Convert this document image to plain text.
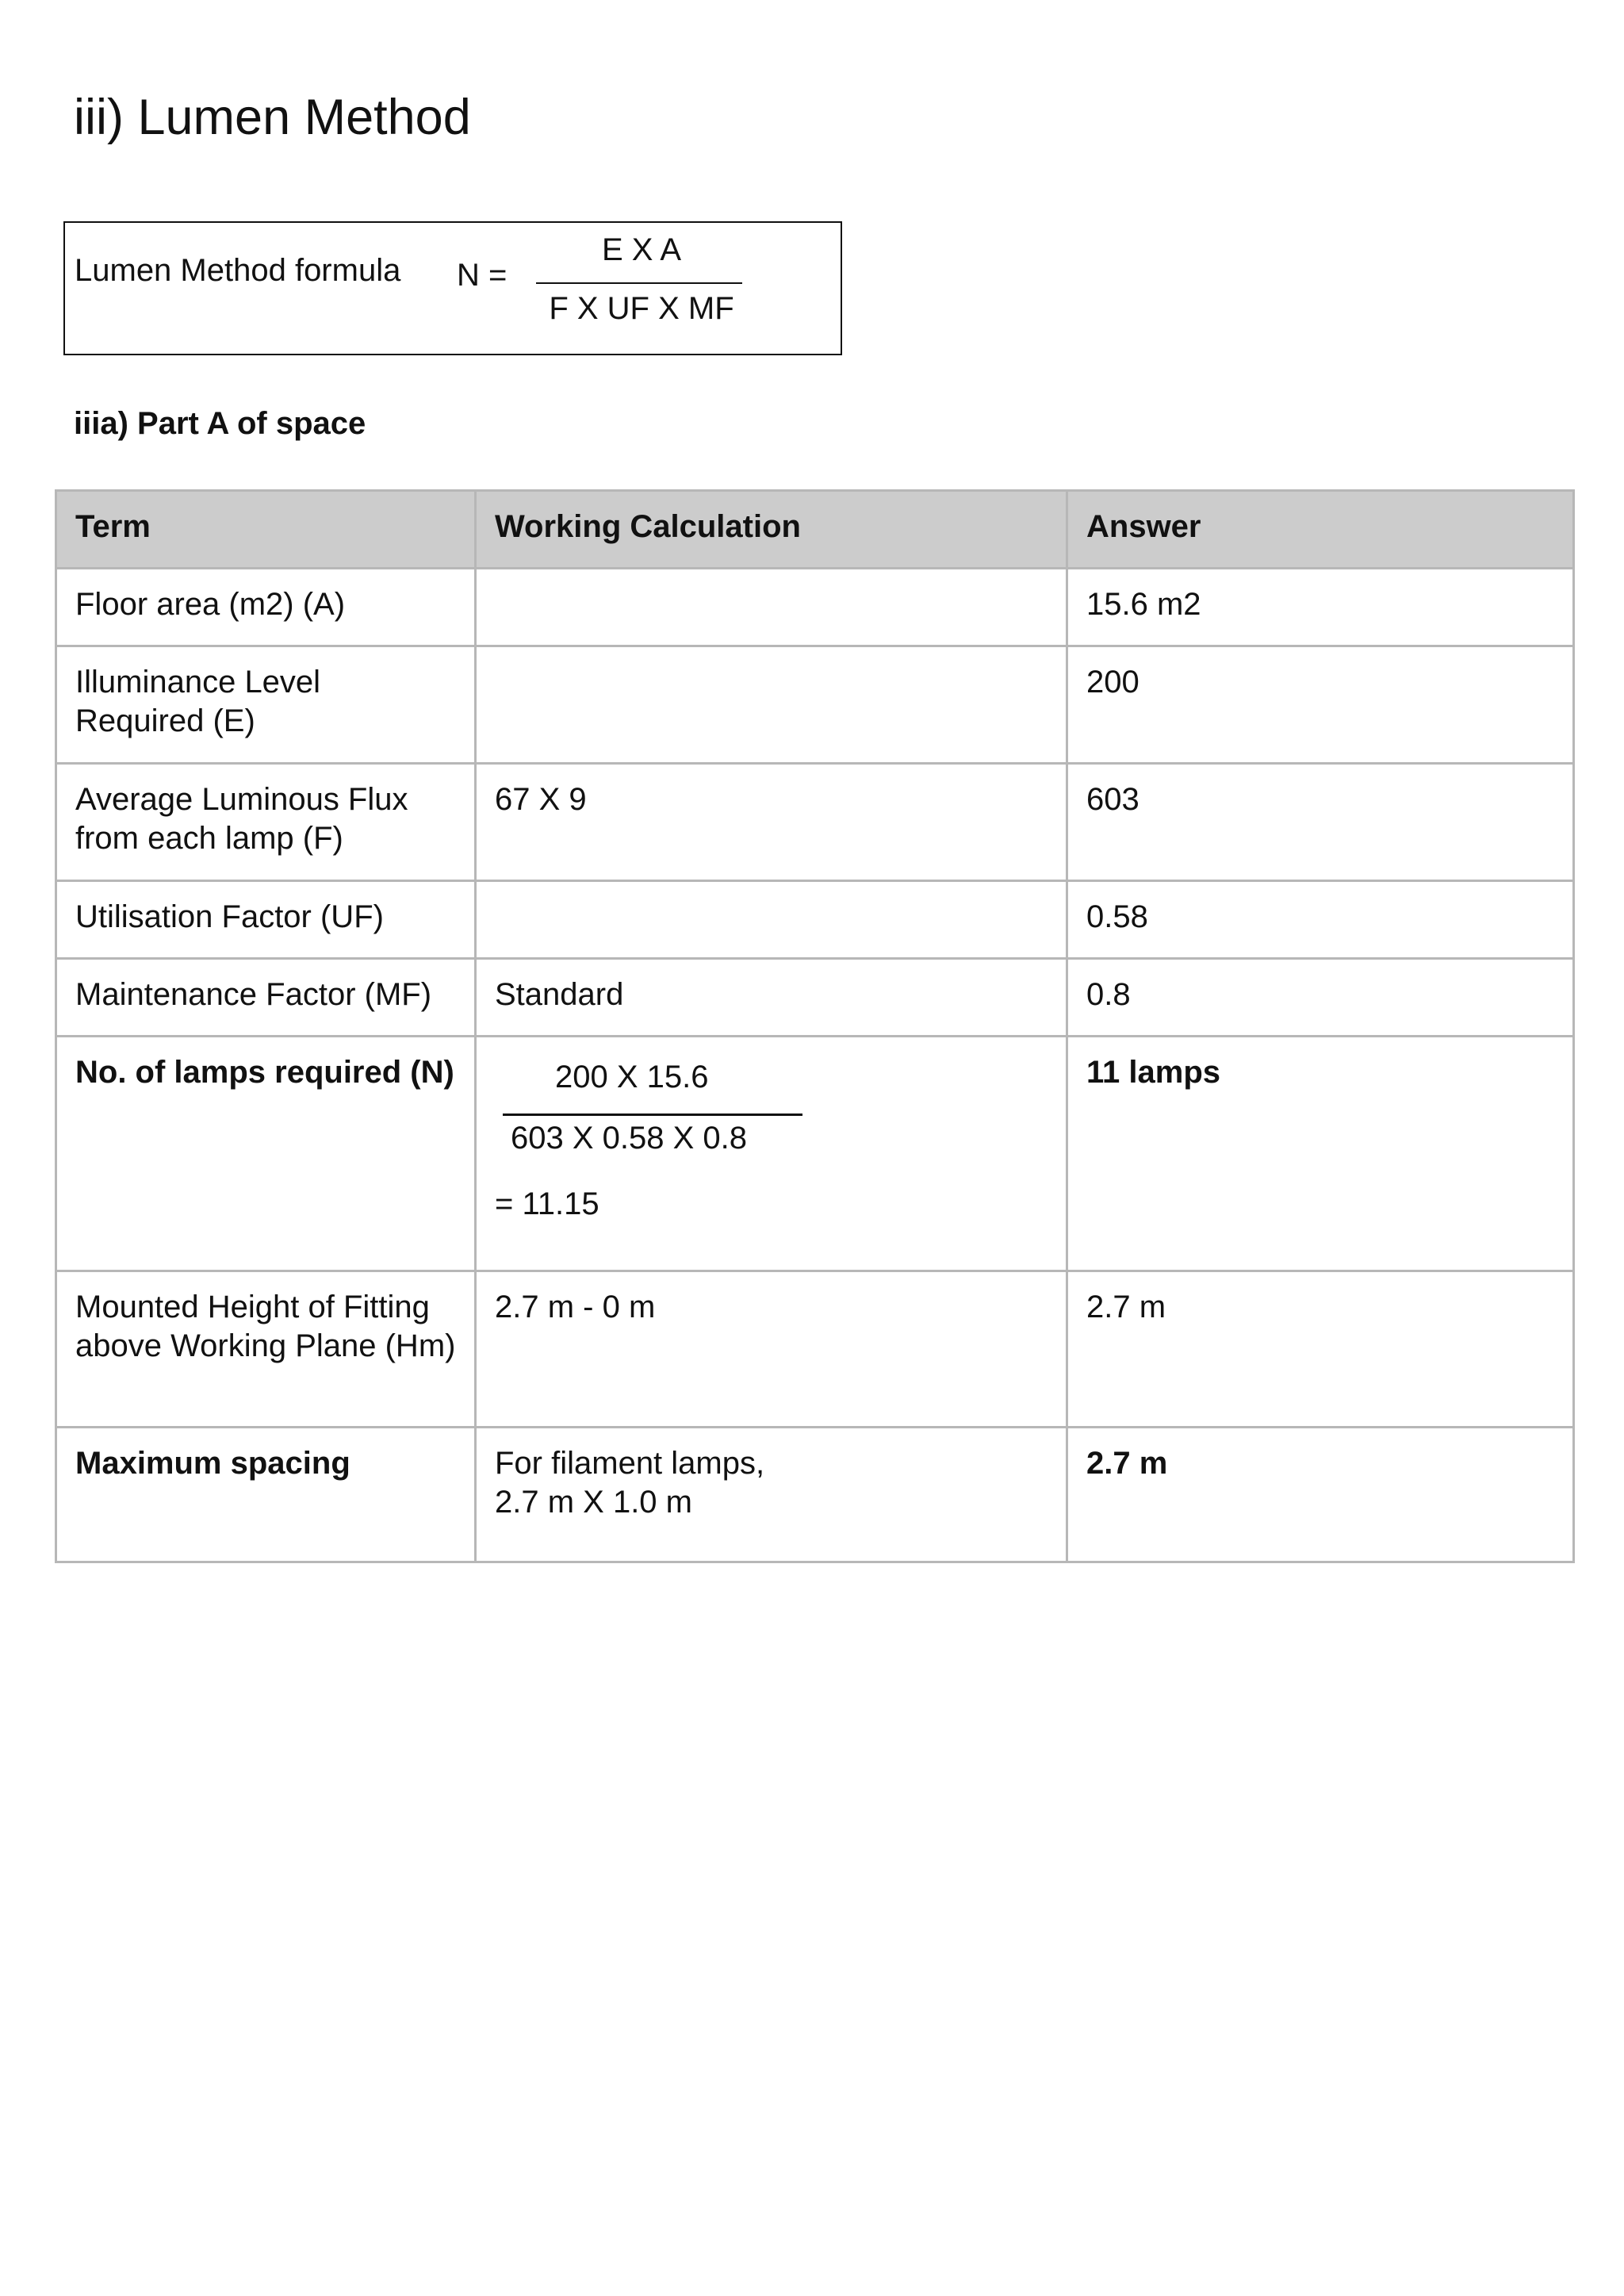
iii) Lumen Method
Lumen Method formula N =
E X A
F X UF X MF
iiia) Part A of space
Term	Working Calculation	Answer
Floor area (m2) (A)		15.6 m2
Illuminance Level Required (E)		200
Average Luminous Flux from each lamp (F)	67 X 9	603
Utilisation Factor (UF)		0.58
Maintenance Factor (MF)	Standard	0.8
No. of lamps required (N)	200 X 15.6
603 X 0.58 X 0.8
= 11.15	11 lamps
Mounted Height of Fitting above Working Plane (Hm)	2.7 m - 0 m	2.7 m
Maximum spacing	For filament lamps,
2.7 m X 1.0 m	2.7 m
